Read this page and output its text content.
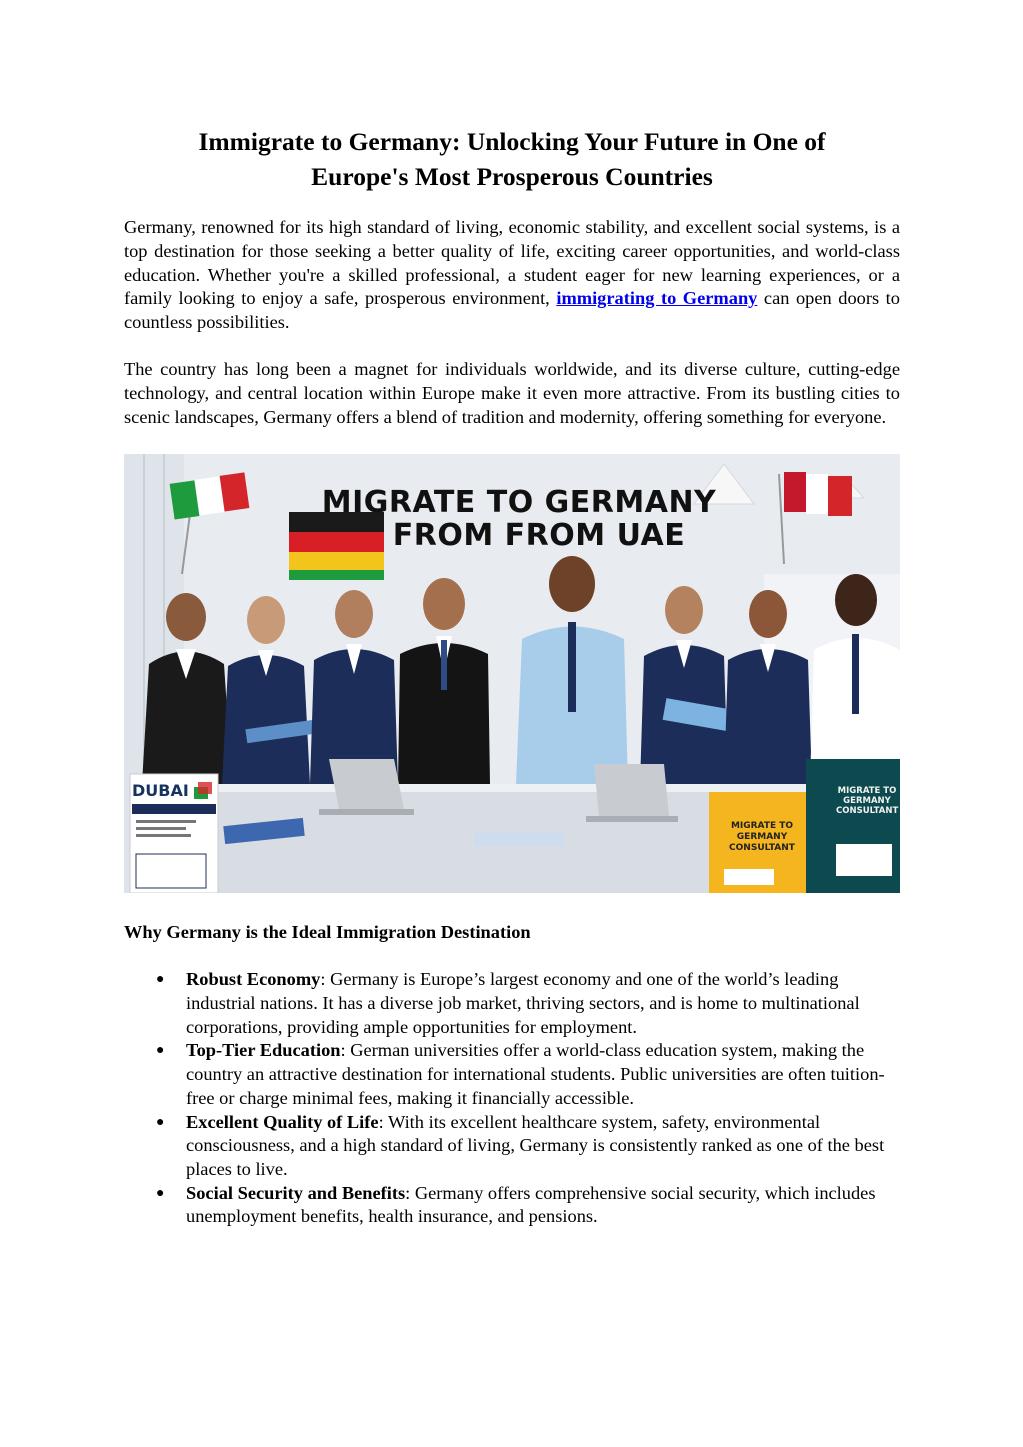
Immigrate to Germany: Unlocking Your Future in One of Europe's Most Prosperous Countries

Germany, renowned for its high standard of living, economic stability, and excellent social systems, is a top destination for those seeking a better quality of life, exciting career opportunities, and world-class education. Whether you're a skilled professional, a student eager for new learning experiences, or a family looking to enjoy a safe, prosperous environment, immigrating to Germany can open doors to countless possibilities.

The country has long been a magnet for individuals worldwide, and its diverse culture, cutting-edge technology, and central location within Europe make it even more attractive. From its bustling cities to scenic landscapes, Germany offers a blend of tradition and modernity, offering something for everyone.

MIGRATE TO GERMANY
FROM FROM UAE
DUBAI
MIGRATE TO GERMANY CONSULTANT
MIGRATE TO GERMANY CONSULTANT
Why Germany is the Ideal Immigration Destination
● Robust Economy: Germany is Europe’s largest economy and one of the world’s leading industrial nations. It has a diverse job market, thriving sectors, and is home to multinational corporations, providing ample opportunities for employment.
● Top-Tier Education: German universities offer a world-class education system, making the country an attractive destination for international students. Public universities are often tuition-free or charge minimal fees, making it financially accessible.
● Excellent Quality of Life: With its excellent healthcare system, safety, environmental consciousness, and a high standard of living, Germany is consistently ranked as one of the best places to live.
● Social Security and Benefits: Germany offers comprehensive social security, which includes unemployment benefits, health insurance, and pensions.
